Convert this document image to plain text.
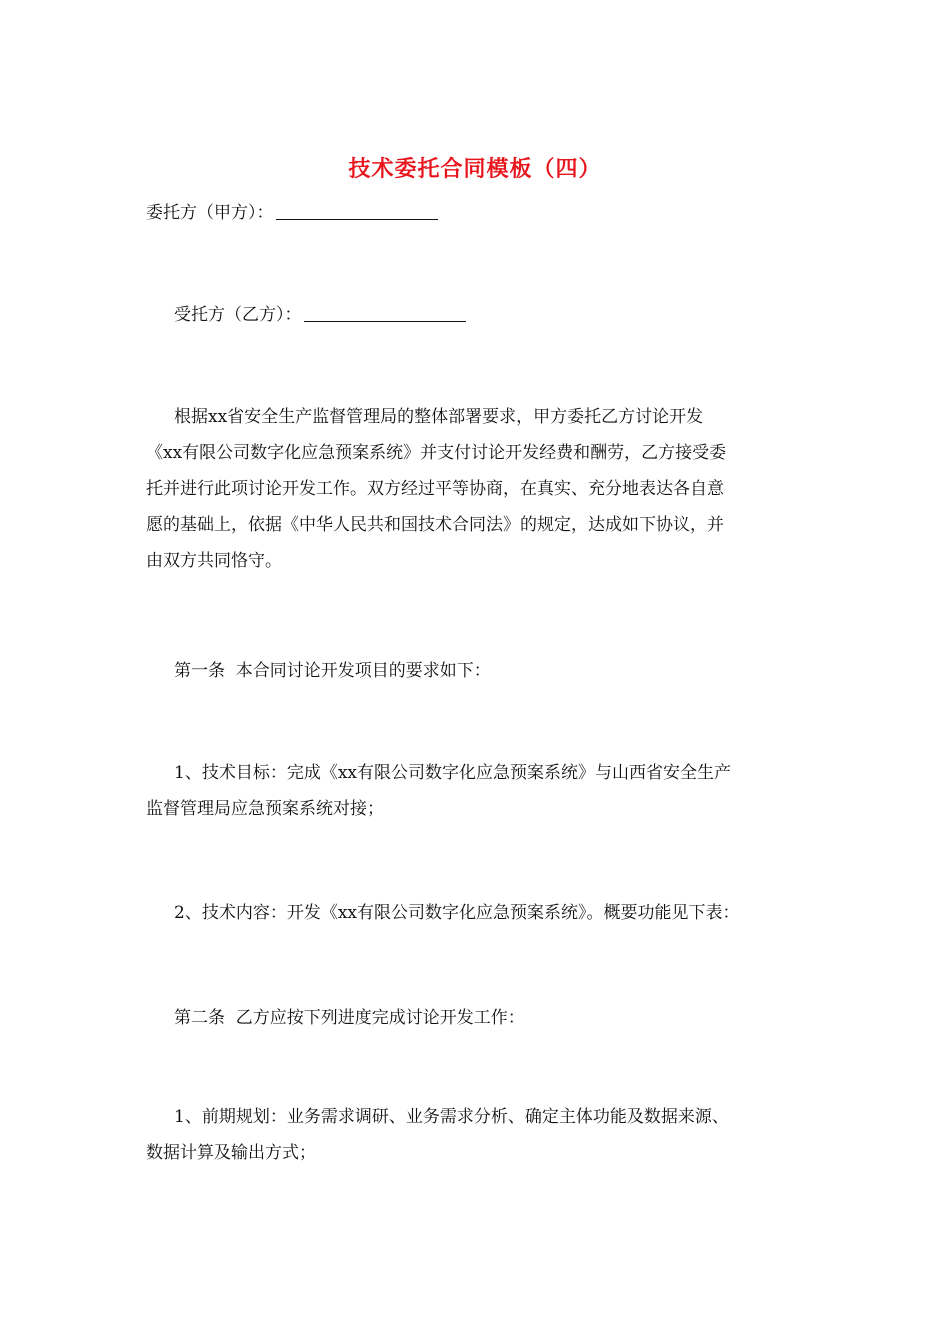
技术委托合同模板（四）
委托方（甲方）：
受托方（乙方）：
根据xx省安全生产监督管理局的整体部署要求，甲方委托乙方讨论开发
《xx有限公司数字化应急预案系统》并支付讨论开发经费和酬劳，乙方接受委
托并进行此项讨论开发工作。双方经过平等协商，在真实、充分地表达各自意
愿的基础上，依据《中华人民共和国技术合同法》的规定，达成如下协议，并
由双方共同恪守。
第一条  本合同讨论开发项目的要求如下：
1、技术目标：完成《xx有限公司数字化应急预案系统》与山西省安全生产
监督管理局应急预案系统对接；
2、技术内容：开发《xx有限公司数字化应急预案系统》。概要功能见下表：
第二条  乙方应按下列进度完成讨论开发工作：
1、前期规划：业务需求调研、业务需求分析、确定主体功能及数据来源、
数据计算及输出方式；
